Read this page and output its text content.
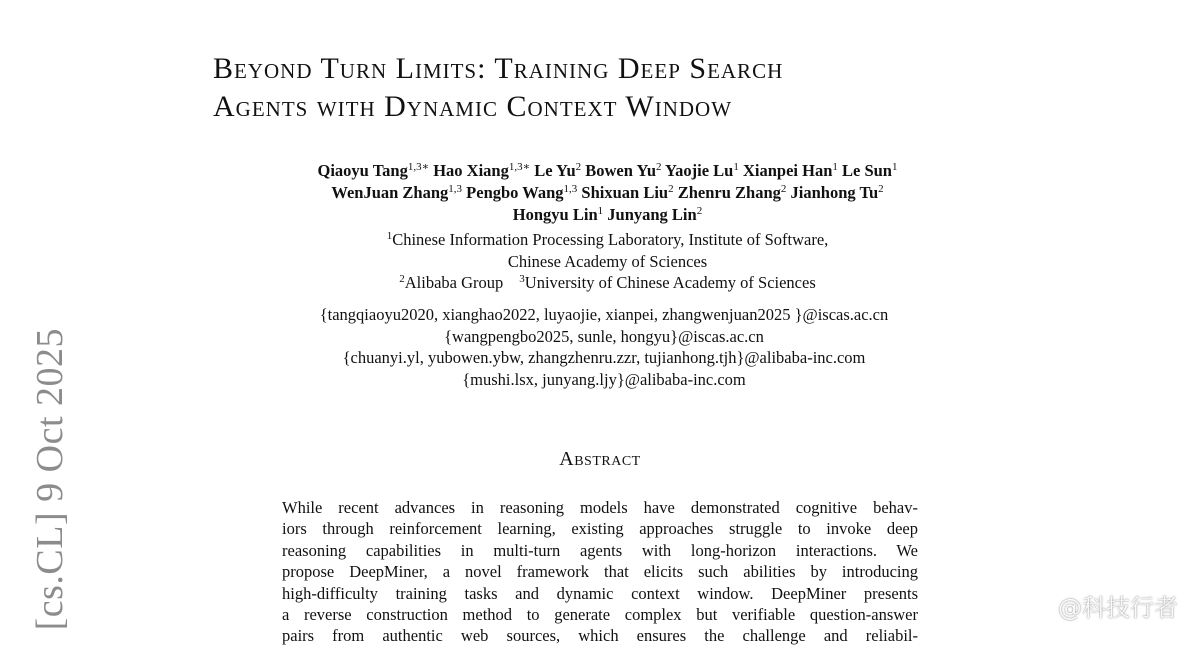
Beyond Turn Limits: Training Deep Search
Agents with Dynamic Context Window
Qiaoyu Tang$^{1,3∗}$ Hao Xiang$^{1,3∗}$ Le Yu$^2$ Bowen Yu$^2$ Yaojie Lu$^1$ Xianpei Han$^1$ Le Sun$^1$
WenJuan Zhang$^{1,3}$ Pengbo Wang$^{1,3}$ Shixuan Liu$^2$ Zhenru Zhang$^2$ Jianhong Tu$^2$
Hongyu Lin$^1$ Junyang Lin$^2$
$^1$Chinese Information Processing Laboratory, Institute of Software,
Chinese Academy of Sciences
$^2$Alibaba Group $^3$University of Chinese Academy of Sciences
{tangqiaoyu2020, xianghao2022, luyaojie, xianpei, zhangwenjuan2025 }@iscas.ac.cn
{wangpengbo2025, sunle, hongyu}@iscas.ac.cn
{chuanyi.yl, yubowen.ybw, zhangzhenru.zzr, tujianhong.tjh}@alibaba-inc.com
{mushi.lsx, junyang.ljy}@alibaba-inc.com
Abstract
While recent advances in reasoning models have demonstrated cognitive behav-
iors through reinforcement learning, existing approaches struggle to invoke deep
reasoning capabilities in multi-turn agents with long-horizon interactions. We
propose DeepMiner, a novel framework that elicits such abilities by introducing
high-difficulty training tasks and dynamic context window. DeepMiner presents
a reverse construction method to generate complex but verifiable question-answer
pairs from authentic web sources, which ensures the challenge and reliabil-
[cs.CL] 9 Oct 2025	@科技行者
